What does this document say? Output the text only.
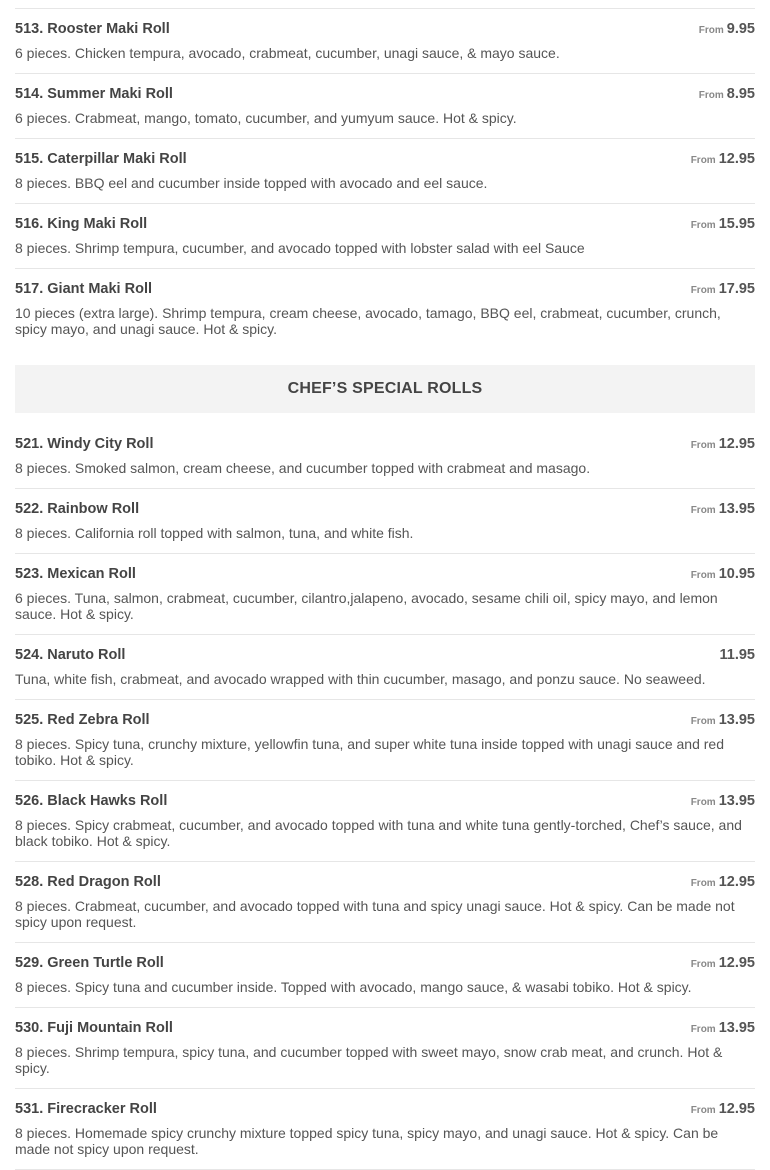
513. Rooster Maki Roll	From 9.95
6 pieces. Chicken tempura, avocado, crabmeat, cucumber, unagi sauce, & mayo sauce.
514. Summer Maki Roll	From 8.95
6 pieces. Crabmeat, mango, tomato, cucumber, and yumyum sauce. Hot & spicy.
515. Caterpillar Maki Roll	From 12.95
8 pieces. BBQ eel and cucumber inside topped with avocado and eel sauce.
516. King Maki Roll	From 15.95
8 pieces. Shrimp tempura, cucumber, and avocado topped with lobster salad with eel Sauce
517. Giant Maki Roll	From 17.95
10 pieces (extra large). Shrimp tempura, cream cheese, avocado, tamago, BBQ eel, crabmeat, cucumber, crunch, spicy mayo, and unagi sauce. Hot & spicy.
CHEF’S SPECIAL ROLLS
521. Windy City Roll	From 12.95
8 pieces. Smoked salmon, cream cheese, and cucumber topped with crabmeat and masago.
522. Rainbow Roll	From 13.95
8 pieces. California roll topped with salmon, tuna, and white fish.
523. Mexican Roll	From 10.95
6 pieces. Tuna, salmon, crabmeat, cucumber, cilantro,jalapeno, avocado, sesame chili oil, spicy mayo, and lemon sauce. Hot & spicy.
524. Naruto Roll	11.95
Tuna, white fish, crabmeat, and avocado wrapped with thin cucumber, masago, and ponzu sauce. No seaweed.
525. Red Zebra Roll	From 13.95
8 pieces. Spicy tuna, crunchy mixture, yellowfin tuna, and super white tuna inside topped with unagi sauce and red tobiko. Hot & spicy.
526. Black Hawks Roll	From 13.95
8 pieces. Spicy crabmeat, cucumber, and avocado topped with tuna and white tuna gently-torched, Chef’s sauce, and black tobiko. Hot & spicy.
528. Red Dragon Roll	From 12.95
8 pieces. Crabmeat, cucumber, and avocado topped with tuna and spicy unagi sauce. Hot & spicy. Can be made not spicy upon request.
529. Green Turtle Roll	From 12.95
8 pieces. Spicy tuna and cucumber inside. Topped with avocado, mango sauce, & wasabi tobiko. Hot & spicy.
530. Fuji Mountain Roll	From 13.95
8 pieces. Shrimp tempura, spicy tuna, and cucumber topped with sweet mayo, snow crab meat, and crunch. Hot & spicy.
531. Firecracker Roll	From 12.95
8 pieces. Homemade spicy crunchy mixture topped spicy tuna, spicy mayo, and unagi sauce. Hot & spicy. Can be made not spicy upon request.
